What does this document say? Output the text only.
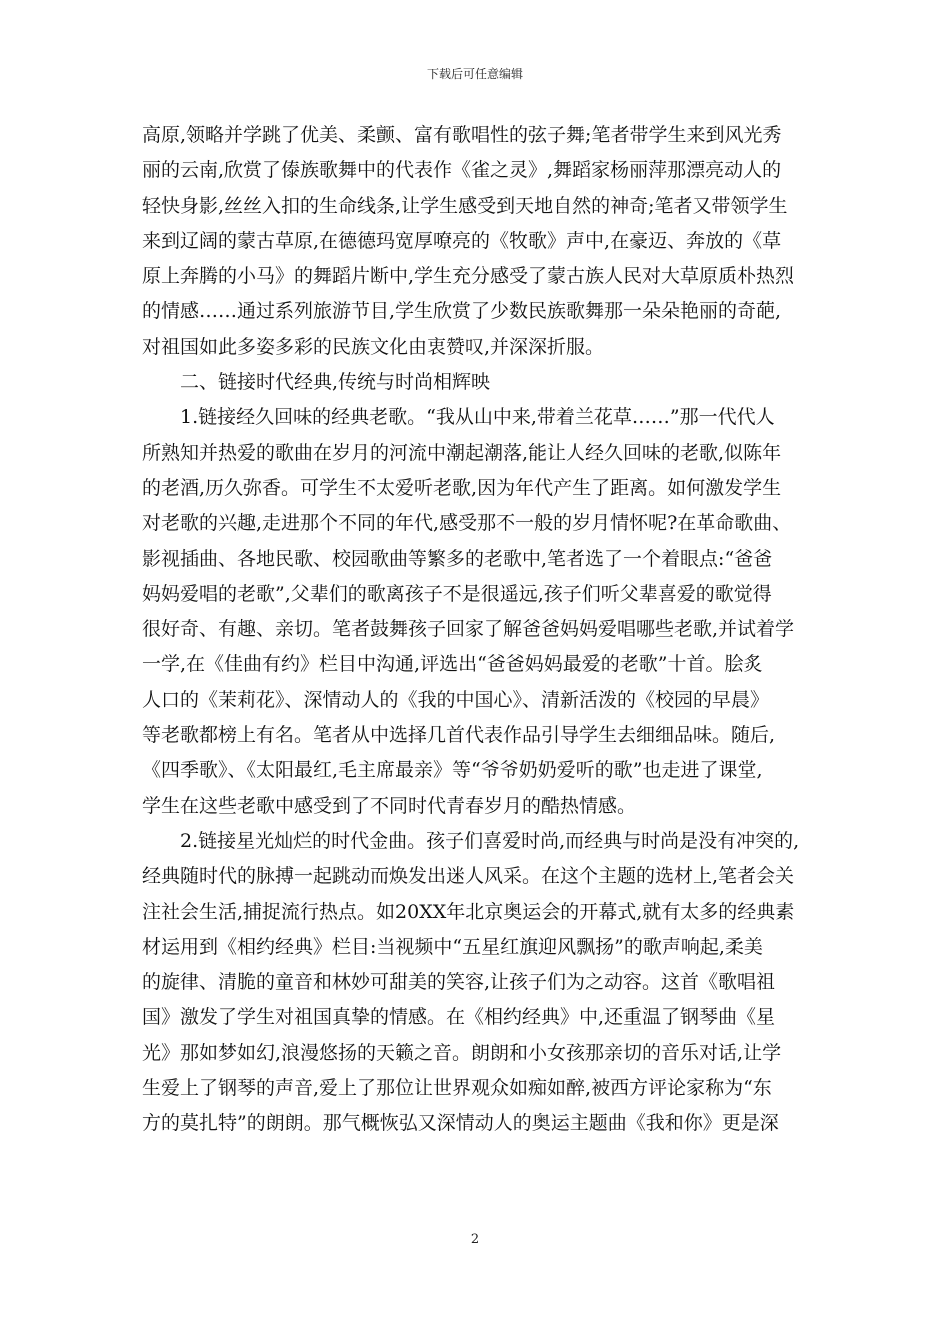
下载后可任意编辑
高原,领略并学跳了优美、柔颤、富有歌唱性的弦子舞;笔者带学生来到风光秀
丽的云南,欣赏了傣族歌舞中的代表作《雀之灵》,舞蹈家杨丽萍那漂亮动人的
轻快身影,丝丝入扣的生命线条,让学生感受到天地自然的神奇;笔者又带领学生
来到辽阔的蒙古草原,在德德玛宽厚嘹亮的《牧歌》声中,在豪迈、奔放的《草
原上奔腾的小马》的舞蹈片断中,学生充分感受了蒙古族人民对大草原质朴热烈
的情感……通过系列旅游节目,学生欣赏了少数民族歌舞那一朵朵艳丽的奇葩,
对祖国如此多姿多彩的民族文化由衷赞叹,并深深折服。
二、链接时代经典,传统与时尚相辉映
1.链接经久回味的经典老歌。“我从山中来,带着兰花草……”那一代代人
所熟知并热爱的歌曲在岁月的河流中潮起潮落,能让人经久回味的老歌,似陈年
的老酒,历久弥香。可学生不太爱听老歌,因为年代产生了距离。如何激发学生
对老歌的兴趣,走进那个不同的年代,感受那不一般的岁月情怀呢?在革命歌曲、
影视插曲、各地民歌、校园歌曲等繁多的老歌中,笔者选了一个着眼点:“爸爸
妈妈爱唱的老歌”,父辈们的歌离孩子不是很遥远,孩子们听父辈喜爱的歌觉得
很好奇、有趣、亲切。笔者鼓舞孩子回家了解爸爸妈妈爱唱哪些老歌,并试着学
一学,在《佳曲有约》栏目中沟通,评选出“爸爸妈妈最爱的老歌”十首。脍炙
人口的《茉莉花》、深情动人的《我的中国心》、清新活泼的《校园的早晨》
等老歌都榜上有名。笔者从中选择几首代表作品引导学生去细细品味。随后,
《四季歌》、《太阳最红,毛主席最亲》等“爷爷奶奶爱听的歌”也走进了课堂,
学生在这些老歌中感受到了不同时代青春岁月的酷热情感。
2.链接星光灿烂的时代金曲。孩子们喜爱时尚,而经典与时尚是没有冲突的,
经典随时代的脉搏一起跳动而焕发出迷人风采。在这个主题的选材上,笔者会关
注社会生活,捕捉流行热点。如20XX年北京奥运会的开幕式,就有太多的经典素
材运用到《相约经典》栏目:当视频中“五星红旗迎风飘扬”的歌声响起,柔美
的旋律、清脆的童音和林妙可甜美的笑容,让孩子们为之动容。这首《歌唱祖
国》激发了学生对祖国真挚的情感。在《相约经典》中,还重温了钢琴曲《星
光》那如梦如幻,浪漫悠扬的天籁之音。朗朗和小女孩那亲切的音乐对话,让学
生爱上了钢琴的声音,爱上了那位让世界观众如痴如醉,被西方评论家称为“东
方的莫扎特”的朗朗。那气概恢弘又深情动人的奥运主题曲《我和你》更是深
2
